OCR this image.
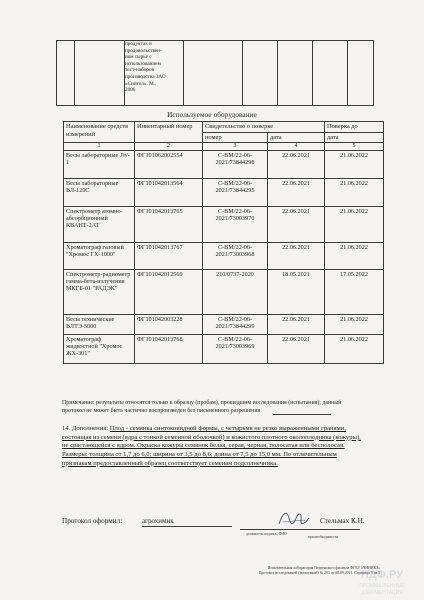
продуктах и
продовольствен-
ном сырье с
использованием
тест-наборов
производства ЗАО
«Синтол». М.,
2006

Используемое оборудование
Наименование средств измерений	Инвентарный номер	Свидетельство о поверке		Поверка до
		номер	дата	дата
1	2	3	4	5
Весы лабораторные JW-1	ФГ101062002554	С-ВМ/22-06-2021/73844298	22.06.2021	21.06.2022
Весы лабораторные ВЛ-120С	ФГ101042013564	С-ВМ/22-06-2021/73844295	22.06.2021	21.06.2022
Спектрометр атомно-абсорбционный КВАНТ-2АТ	ФГ101042013765	С-ВМ/22-06-2021/73003970	22.06.2021	21.06.2022
Хроматограф газовый "Хромос ГХ-1000"	ФГ101042013767	С-ВМ/22-06-2021/73003968	22.06.2021	21.06.2022
Спектрометр-радиометр гамма-бета-излучения МКГБ-01 "РАДЭК"	ФГ101042012569	210/0737-2020	18.05.2021	17.05.2022
Весы технические ВЛТЭ-5000	ФГ101042003228	С-ВМ/22-06-2021/73844299	22.06.2021	21.06.2022
Хроматограф жидкостной "Хромос ЖХ-301"	ФГ101042013768	С-ВМ/22-06-2021/73003969	22.06.2021	21.06.2022
Примечание: результаты относятся только к образцу (пробам), прошедшим исследования (испытания); данный протокол не может быть частично воспроизведен без письменного разрешения
14. Дополнения: Плод - семянка синтоковидной формы, с четырьмя не резко выраженными гранями, состоящая из семени (ядра с тонкой семенной оболочкой) и кожистого плотного околоплодника (кожуры), не срастающейся с ядром. Окраска кожуры семянок белая, серая, черная, полосатая или бесполосая. Размеры: толщина от 1,7 до 6,0; ширина от 3,5 до 8,6; длина от 7,5 до 15,0 мм. По отличительным признакам предоставленный образец соответствует семенам подсолнечника.
Протокол оформил:	агрохимик	Стельмах К.Н.
должность, подпись, ФИО
при необходимости
Испытательная лаборатория Пензенского филиала ФГБУ «ЧНИИКЗ»
Протокол исследований (испытаний) № 203 от 08.09.2021. Страница 3 из 3
ПДФ.РУ
ПРОМЫШЛЕННЫЕ
ДОКУМЕНТАЦИЯ
